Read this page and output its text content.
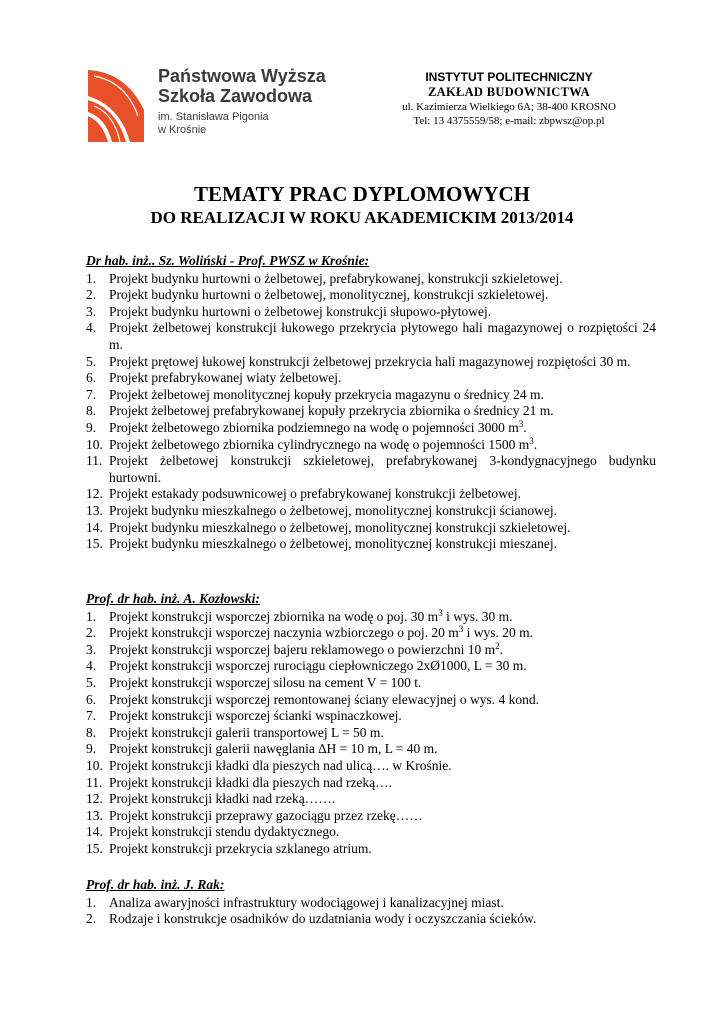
Państwowa Wyższa
Szkoła Zawodowa
im. Stanisława Pigonia
w Krośnie
INSTYTUT POLITECHNICZNY
ZAKŁAD BUDOWNICTWA
ul. Kazimierza Wielkiego 6A; 38-400 KROSNO
Tel: 13 4375559/58; e-mail: zbpwsz@op.pl
TEMATY PRAC DYPLOMOWYCH
DO REALIZACJI W ROKU AKADEMICKIM 2013/2014
Dr hab. inż.. Sz. Woliński - Prof. PWSZ w Krośnie:
1. Projekt budynku hurtowni o żelbetowej, prefabrykowanej, konstrukcji szkieletowej.
2. Projekt budynku hurtowni o żelbetowej, monolitycznej, konstrukcji szkieletowej.
3. Projekt budynku hurtowni o żelbetowej konstrukcji słupowo-płytowej.
4. Projekt żelbetowej konstrukcji łukowego przekrycia płytowego hali magazynowej o rozpiętości 24 m.
5. Projekt prętowej łukowej konstrukcji żelbetowej przekrycia hali magazynowej rozpiętości 30 m.
6. Projekt prefabrykowanej wiaty żelbetowej.
7. Projekt żelbetowej monolitycznej kopuły przekrycia magazynu o średnicy 24 m.
8. Projekt żelbetowej prefabrykowanej kopuły przekrycia zbiornika o średnicy 21 m.
9. Projekt żelbetowego zbiornika podziemnego na wodę o pojemności 3000 $m^3$.
10. Projekt żelbetowego zbiornika cylindrycznego na wodę o pojemności 1500 $m^3$.
11. Projekt żelbetowej konstrukcji szkieletowej, prefabrykowanej 3-kondygnacyjnego budynku hurtowni.
12. Projekt estakady podsuwnicowej o prefabrykowanej konstrukcji żelbetowej.
13. Projekt budynku mieszkalnego o żelbetowej, monolitycznej konstrukcji ścianowej.
14. Projekt budynku mieszkalnego o żelbetowej, monolitycznej konstrukcji szkieletowej.
15. Projekt budynku mieszkalnego o żelbetowej, monolitycznej konstrukcji mieszanej.
Prof. dr hab. inż. A. Kozłowski:
1. Projekt konstrukcji wsporczej zbiornika na wodę o poj. 30 $m^3$ i wys. 30 m.
2. Projekt konstrukcji wsporczej naczynia wzbiorczego o poj. 20 $m^3$ i wys. 20 m.
3. Projekt konstrukcji wsporczej bajeru reklamowego o powierzchni 10 $m^2$.
4. Projekt konstrukcji wsporczej rurociągu ciepłowniczego 2xØ1000, L = 30 m.
5. Projekt konstrukcji wsporczej silosu na cement V = 100 t.
6. Projekt konstrukcji wsporczej remontowanej ściany elewacyjnej o wys. 4 kond.
7. Projekt konstrukcji wsporczej ścianki wspinaczkowej.
8. Projekt konstrukcji galerii transportowej L = 50 m.
9. Projekt konstrukcji galerii nawęglania ∆H = 10 m, L = 40 m.
10. Projekt konstrukcji kładki dla pieszych nad ulicą…. w Krośnie.
11. Projekt konstrukcji kładki dla pieszych nad rzeką….
12. Projekt konstrukcji kładki nad rzeką…….
13. Projekt konstrukcji przeprawy gazociągu przez rzekę……
14. Projekt konstrukcji stendu dydaktycznego.
15. Projekt konstrukcji przekrycia szklanego atrium.
Prof. dr hab. inż. J. Rak:
1. Analiza awaryjności infrastruktury wodociągowej i kanalizacyjnej miast.
2. Rodzaje i konstrukcje osadników do uzdatniania wody i oczyszczania ścieków.
